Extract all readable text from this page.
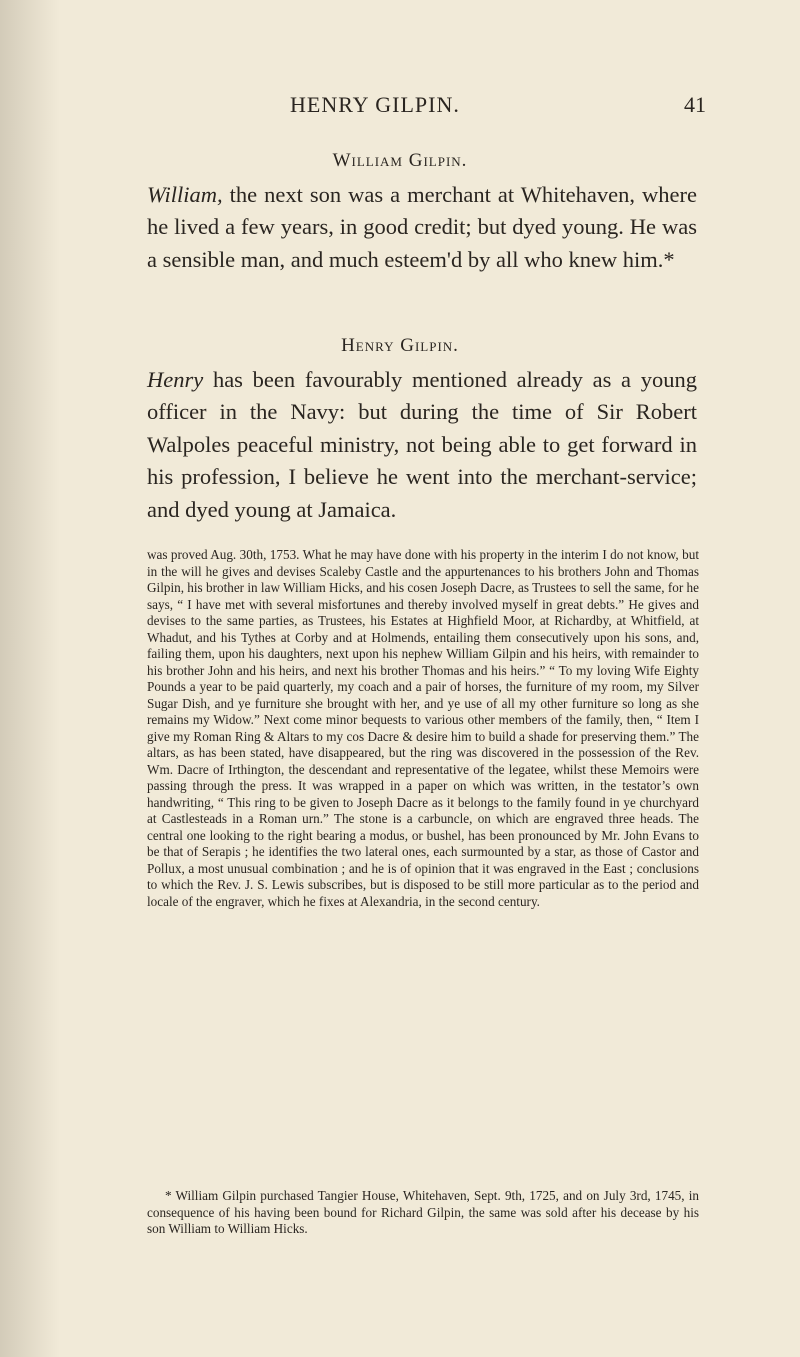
HENRY GILPIN.	41
William Gilpin.

William, the next son was a merchant at Whitehaven, where he lived a few years, in good credit; but dyed young. He was a sensible man, and much esteem'd by all who knew him.*

Henry Gilpin.

Henry has been favourably mentioned already as a young officer in the Navy: but during the time of Sir Robert Walpoles peaceful ministry, not being able to get forward in his profession, I believe he went into the merchant-service; and dyed young at Jamaica.

was proved Aug. 30th, 1753. What he may have done with his property in the interim I do not know, but in the will he gives and devises Scaleby Castle and the appurtenances to his brothers John and Thomas Gilpin, his brother in law William Hicks, and his cosen Joseph Dacre, as Trustees to sell the same, for he says, “ I have met with several misfortunes and thereby involved myself in great debts.” He gives and devises to the same parties, as Trustees, his Estates at Highfield Moor, at Richardby, at Whitfield, at Whadut, and his Tythes at Corby and at Holmends, entailing them consecutively upon his sons, and, failing them, upon his daughters, next upon his nephew William Gilpin and his heirs, with remainder to his brother John and his heirs, and next his brother Thomas and his heirs.” “ To my loving Wife Eighty Pounds a year to be paid quarterly, my coach and a pair of horses, the furniture of my room, my Silver Sugar Dish, and ye furniture she brought with her, and ye use of all my other furniture so long as she remains my Widow.” Next come minor bequests to various other members of the family, then, “ Item I give my Roman Ring & Altars to my cos Dacre & desire him to build a shade for preserving them.” The altars, as has been stated, have disappeared, but the ring was discovered in the possession of the Rev. Wm. Dacre of Irthington, the descendant and representative of the legatee, whilst these Memoirs were passing through the press. It was wrapped in a paper on which was written, in the testator’s own handwriting, “ This ring to be given to Joseph Dacre as it belongs to the family found in ye churchyard at Castlesteads in a Roman urn.” The stone is a carbuncle, on which are engraved three heads. The central one looking to the right bearing a modus, or bushel, has been pronounced by Mr. John Evans to be that of Serapis ; he identifies the two lateral ones, each surmounted by a star, as those of Castor and Pollux, a most unusual combination ; and he is of opinion that it was engraved in the East ; conclusions to which the Rev. J. S. Lewis subscribes, but is disposed to be still more particular as to the period and locale of the engraver, which he fixes at Alexandria, in the second century.

* William Gilpin purchased Tangier House, Whitehaven, Sept. 9th, 1725, and on July 3rd, 1745, in consequence of his having been bound for Richard Gilpin, the same was sold after his decease by his son William to William Hicks.
